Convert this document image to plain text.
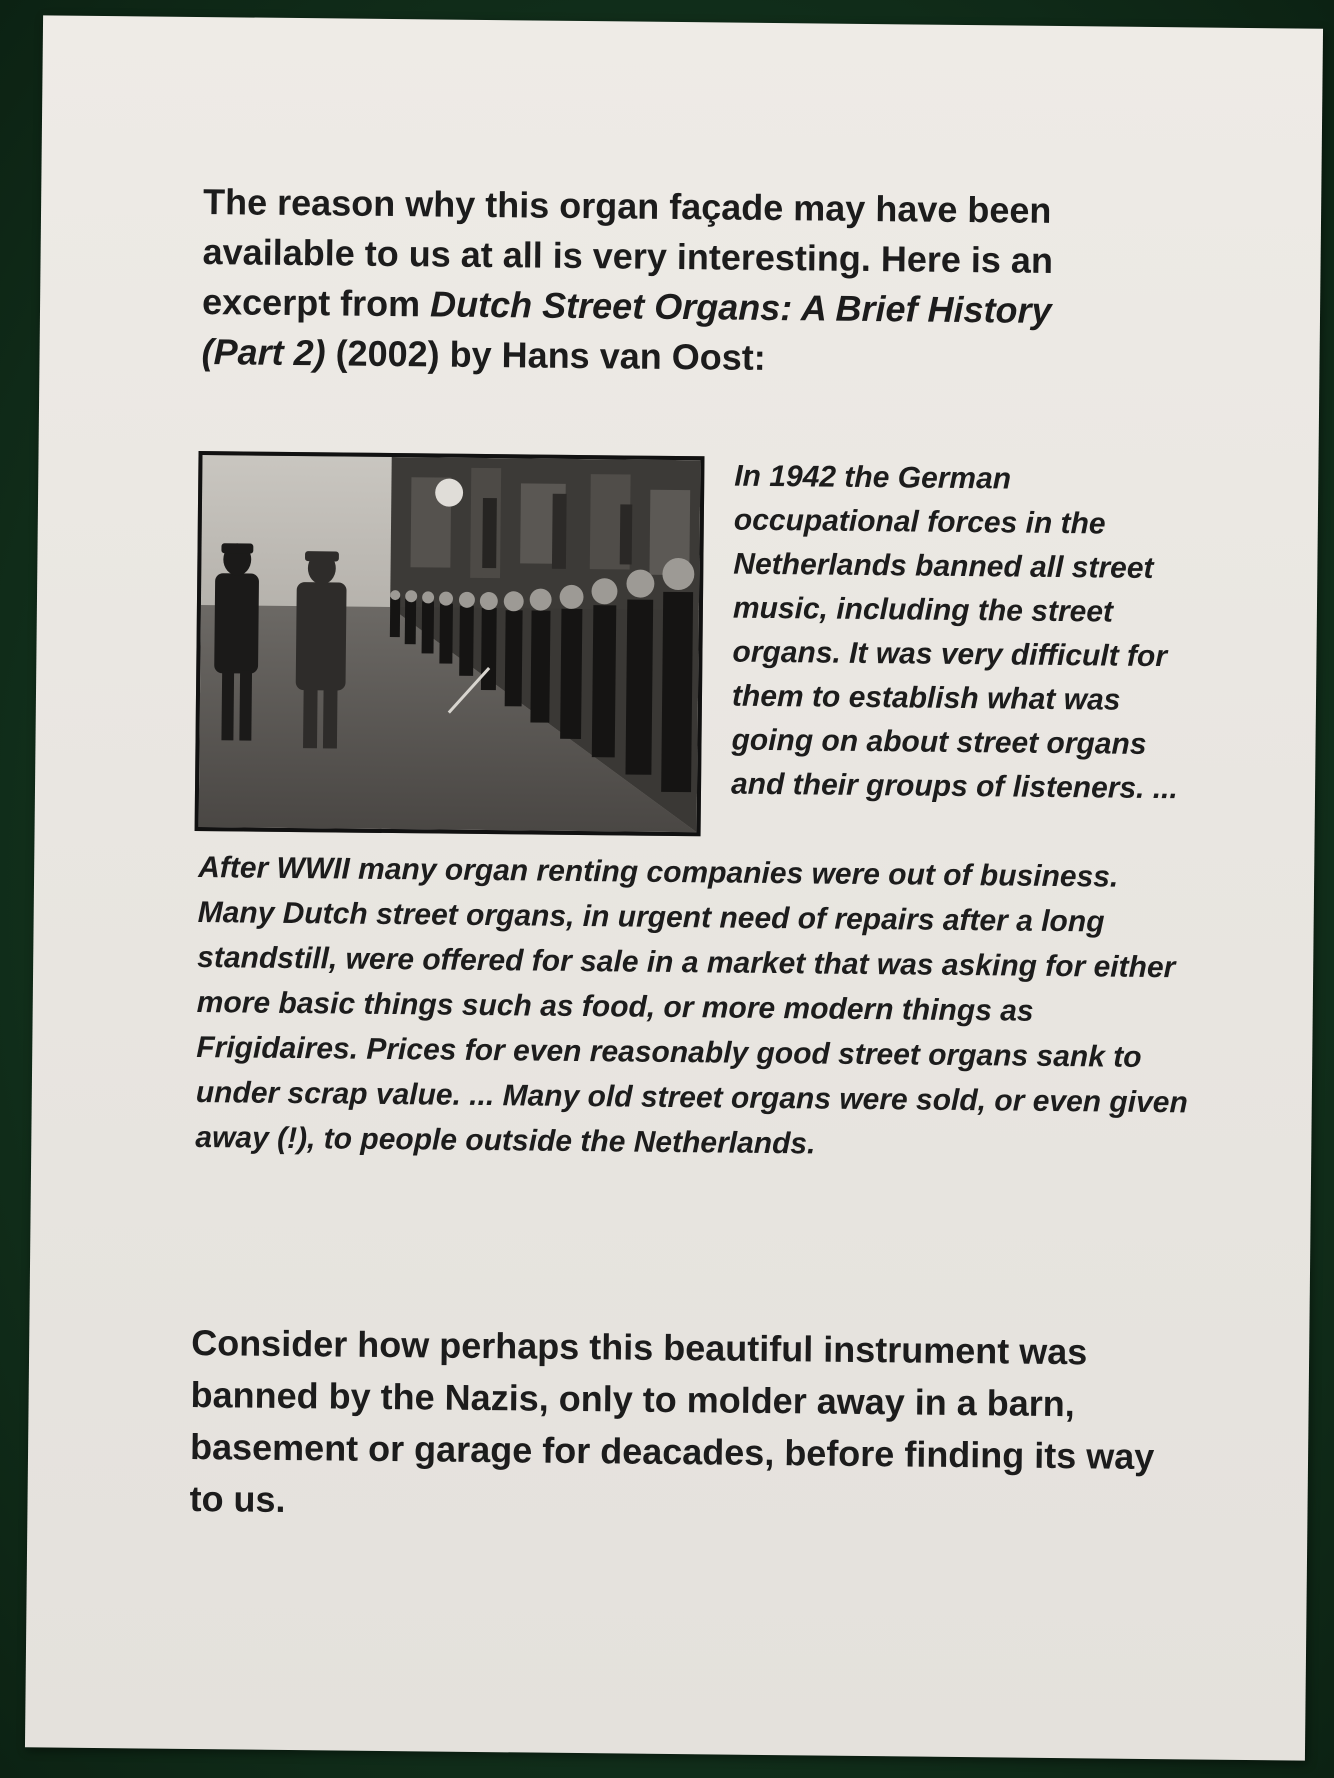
The reason why this organ façade may have been available to us at all is very interesting. Here is an excerpt from Dutch Street Organs: A Brief History
(Part 2) (2002) by Hans van Oost:

In 1942 the German occupational forces in the Netherlands banned all street music, including the street organs. It was very difficult for them to establish what was going on about street organs and their groups of listeners. ...

After WWII many organ renting companies were out of business. Many Dutch street organs, in urgent need of repairs after a long standstill, were offered for sale in a market that was asking for either more basic things such as food, or more modern things as Frigidaires. Prices for even reasonably good street organs sank to under scrap value. ... Many old street organs were sold, or even given away (!), to people outside the Netherlands.

Consider how perhaps this beautiful instrument was banned by the Nazis, only to molder away in a barn, basement or garage for deacades, before finding its way to us.
